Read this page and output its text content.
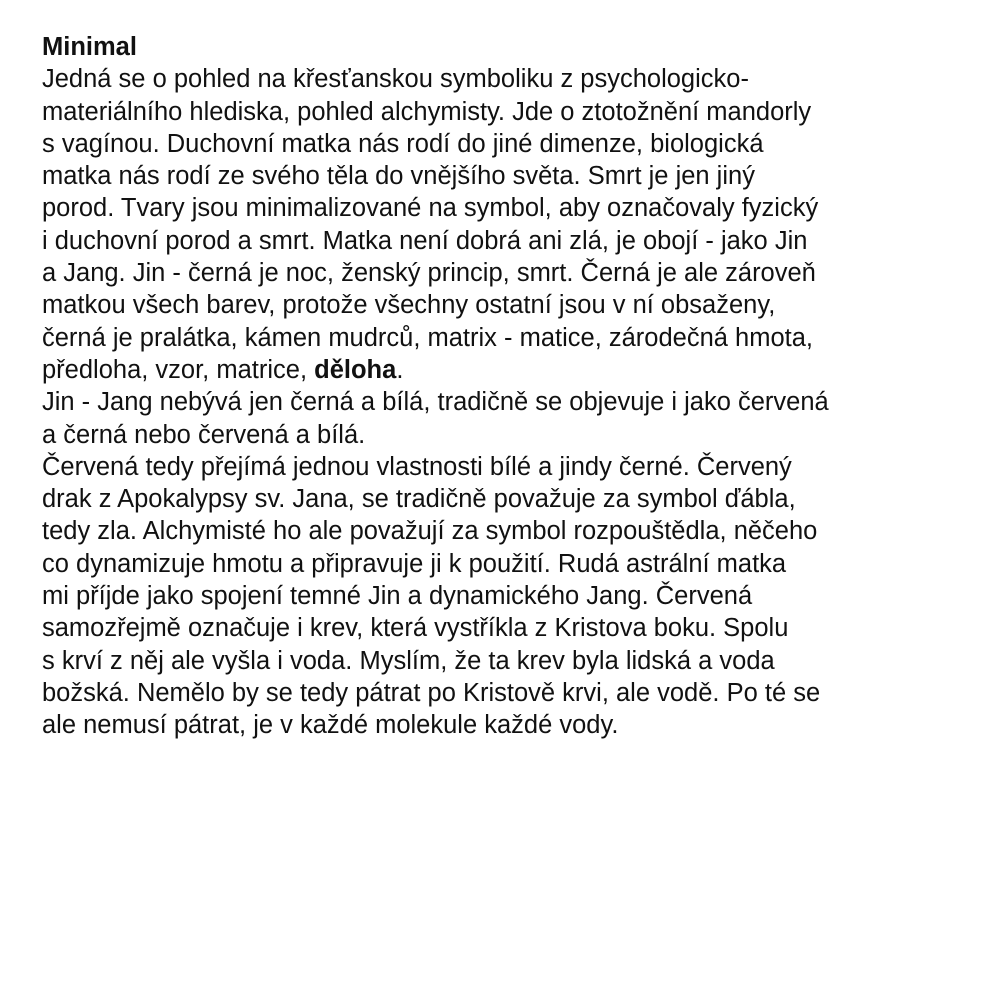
Minimal
Jedná se o pohled na křesťanskou symboliku z psychologicko-
materiálního hlediska, pohled alchymisty. Jde o ztotožnění mandorly
s vagínou. Duchovní matka nás rodí do jiné dimenze, biologická
matka nás rodí ze svého těla do vnějšího světa. Smrt je jen jiný
porod. Tvary jsou minimalizované na symbol, aby označovaly fyzický
i duchovní porod a smrt. Matka není dobrá ani zlá, je obojí - jako Jin
a Jang. Jin - černá je noc, ženský princip, smrt. Černá je ale zároveň
matkou všech barev, protože všechny ostatní jsou v ní obsaženy,
černá je pralátka, kámen mudrců, matrix - matice, zárodečná hmota,
předloha, vzor, matrice, děloha.
Jin - Jang nebývá jen černá a bílá, tradičně se objevuje i jako červená
a černá nebo červená a bílá.
Červená tedy přejímá jednou vlastnosti bílé a jindy černé. Červený
drak z Apokalypsy sv. Jana, se tradičně považuje za symbol ďábla,
tedy zla. Alchymisté ho ale považují za symbol rozpouštědla, něčeho
co dynamizuje hmotu a připravuje ji k použití. Rudá astrální matka
mi příjde jako spojení temné Jin a dynamického Jang. Červená
samozřejmě označuje i krev, která vystříkla z Kristova boku. Spolu
s krví z něj ale vyšla i voda. Myslím, že ta krev byla lidská a voda
božská. Nemělo by se tedy pátrat po Kristově krvi, ale vodě. Po té se
ale nemusí pátrat, je v každé molekule každé vody.
